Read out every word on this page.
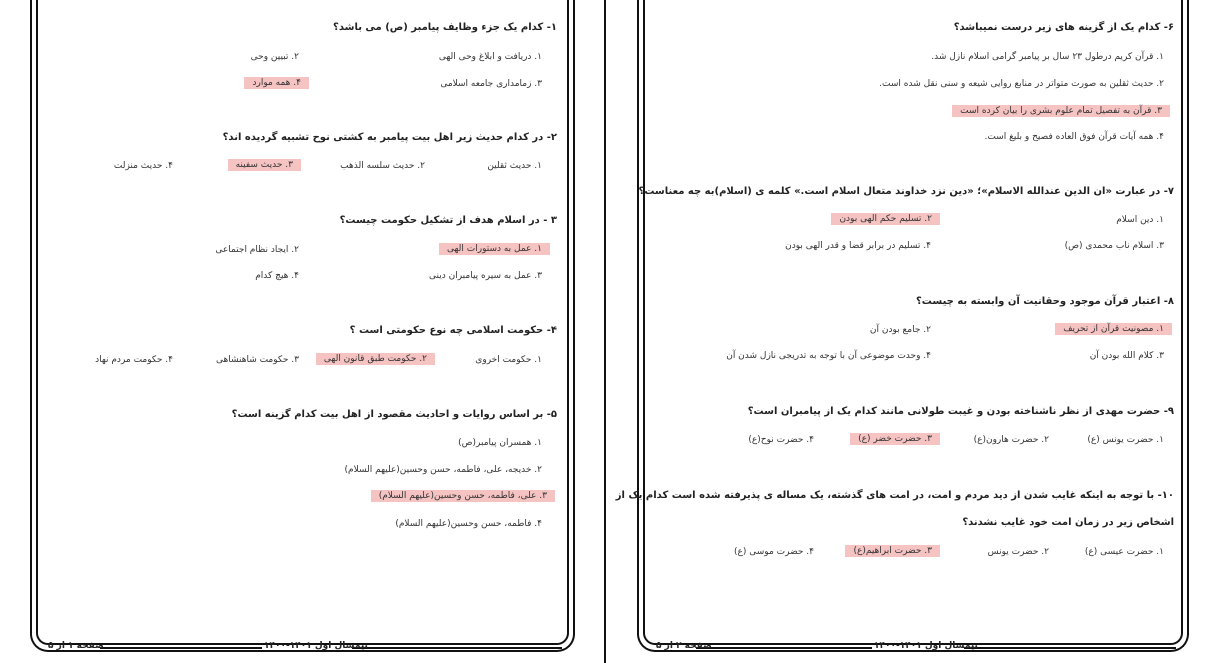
۱- کدام یک جزء وظایف پیامبر (ص) می باشد؟
۱. دریافت و ابلاغ وحی الهی
۲. تبیین وحی
۳. زمامداری جامعه اسلامی
۴. همه موارد
۲- در کدام حدیث زیر اهل بیت پیامبر به کشتی نوح تشبیه گردیده اند؟
۱. حدیث ثقلین
۲. حدیث سلسه الذهب
۳. حدیث سفینه
۴. حدیث منزلت
۳ - در اسلام هدف از تشکیل حکومت چیست؟
۱. عمل به دستورات الهی
۲. ایجاد نظام اجتماعی
۳. عمل به سیره پیامبران دینی
۴. هیچ کدام
۴- حکومت اسلامی چه نوع حکومتی است ؟
۱. حکومت اخروی
۲. حکومت طبق قانون الهی
۳. حکومت شاهنشاهی
۴. حکومت مردم نهاد
۵- بر اساس روایات و احادیث مقصود از اهل بیت کدام گزینه است؟
۱. همسران پیامبر(ص)
۲. خدیجه، علی، فاطمه، حسن وحسین(علیهم السلام)
۳. علی، فاطمه، حسن وحسین(علیهم السلام)
۴. فاطمه، حسن وحسین(علیهم السلام)
نیمسال اول ۱۴۰۱-۱۴۰۰
صفحه ۱ از ۵
۶- کدام یک از گزینه های زیر درست نمیباشد؟
۱. قرآن کریم درطول ۲۳ سال بر پیامبر گرامی اسلام نازل شد.
۲. حدیث ثقلین به صورت متواتر در منابع روایی شیعه و سنی نقل شده است.
۳. قرآن به تفصیل تمام علوم بشری را بیان کرده است
۴. همه آیات قرآن فوق العاده فصیح و بلیغ است.
۷- در عبارت «ان الدین عندالله الاسلام»؛ «دین نزد خداوند متعال اسلام است.» کلمه ی (اسلام)به چه معناست؟
۱. دین اسلام
۲. تسلیم حکم الهی بودن
۳. اسلام ناب محمدی (ص)
۴. تسلیم در برابر قضا و قدر الهی بودن
۸- اعتبار قرآن موجود وحقانیت آن وابسته به چیست؟
۱. مصونیت قرآن از تحریف
۲. جامع بودن آن
۳. کلام الله بودن آن
۴. وحدت موضوعی آن با توجه به تدریجی نازل شدن آن
۹- حضرت مهدی از نظر ناشناخته بودن و غیبت طولانی مانند کدام یک از پیامبران است؟
۱. حضرت یونس (ع)
۲. حضرت هارون(ع)
۳. حضرت خضر (ع)
۴. حضرت نوح(ع)
۱۰- با توجه به اینکه غایب شدن از دید مردم و امت، در امت های گذشته، یک مساله ی پذیرفته شده است کدام یک از
اشخاص زیر در زمان امت خود غایب نشدند؟
۱. حضرت عیسی (ع)
۲. حضرت یونس
۳. حضرت ابراهیم(ع)
۴. حضرت موسی (ع)
نیمسال اول ۱۴۰۱-۱۴۰۰
صفحه ۲ از ۵
